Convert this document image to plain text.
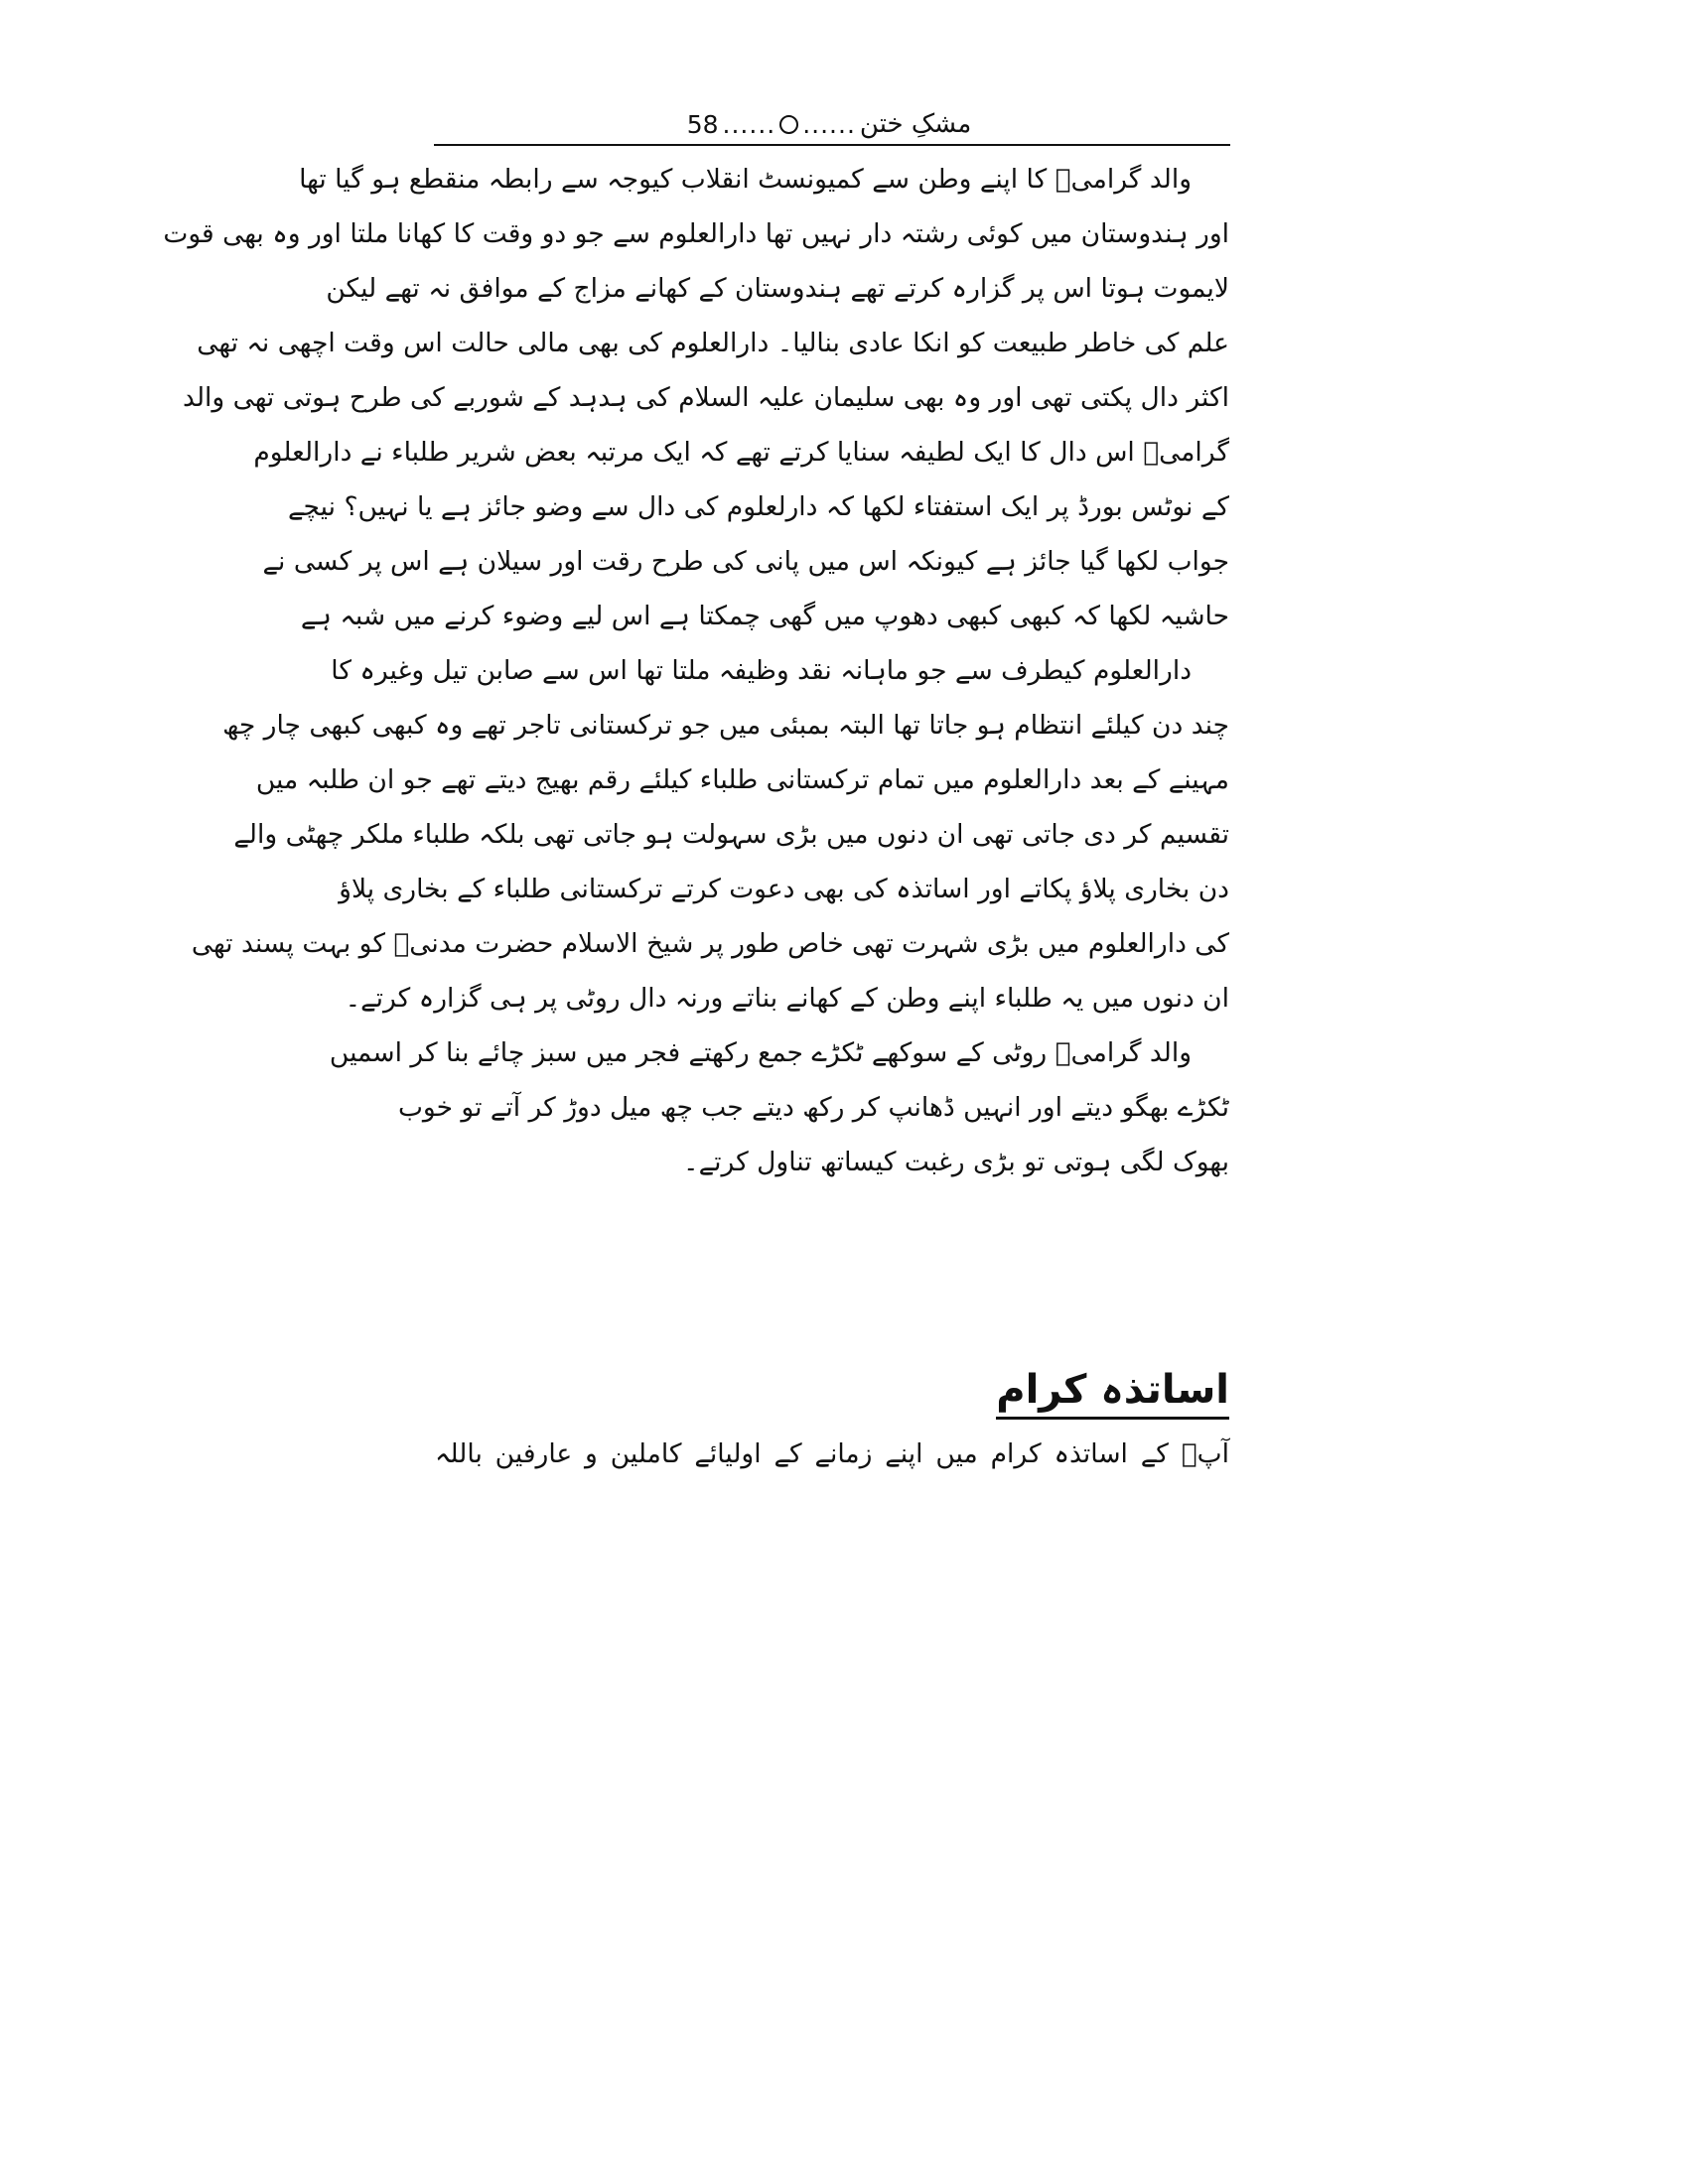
58 ...... ...... مشکِ ختن
والد گرامیؒ کا اپنے وطن سے کمیونسٹ انقلاب کیوجہ سے رابطہ منقطع ہو گیا تھا
اور ہندوستان میں کوئی رشتہ دار نہیں تھا دارالعلوم سے جو دو وقت کا کھانا ملتا اور وہ بھی قوت
لایموت ہوتا اس پر گزارہ کرتے تھے ہندوستان کے کھانے مزاج کے موافق نہ تھے لیکن
علم کی خاطر طبیعت کو انکا عادی بنالیا۔ دارالعلوم کی بھی مالی حالت اس وقت اچھی نہ تھی
اکثر دال پکتی تھی اور وہ بھی سلیمان علیہ السلام کی ہدہد کے شوربے کی طرح ہوتی تھی والد
گرامیؒ اس دال کا ایک لطیفہ سنایا کرتے تھے کہ ایک مرتبہ بعض شریر طلباء نے دارالعلوم
کے نوٹس بورڈ پر ایک استفتاء لکھا کہ دارلعلوم کی دال سے وضو جائز ہے یا نہیں؟ نیچے
جواب لکھا گیا جائز ہے کیونکہ اس میں پانی کی طرح رقت اور سیلان ہے اس پر کسی نے
حاشیہ لکھا کہ کبھی کبھی دھوپ میں گھی چمکتا ہے اس لیے وضوء کرنے میں شبہ ہے
دارالعلوم کیطرف سے جو ماہانہ نقد وظیفہ ملتا تھا اس سے صابن تیل وغیرہ کا
چند دن کیلئے انتظام ہو جاتا تھا البتہ بمبئی میں جو ترکستانی تاجر تھے وہ کبھی کبھی چار چھ
مہینے کے بعد دارالعلوم میں تمام ترکستانی طلباء کیلئے رقم بھیج دیتے تھے جو ان طلبہ میں
تقسیم کر دی جاتی تھی ان دنوں میں بڑی سہولت ہو جاتی تھی بلکہ طلباء ملکر چھٹی والے
دن بخاری پلاؤ پکاتے اور اساتذہ کی بھی دعوت کرتے ترکستانی طلباء کے بخاری پلاؤ
کی دارالعلوم میں بڑی شہرت تھی خاص طور پر شیخ الاسلام حضرت مدنیؒ کو بہت پسند تھی
ان دنوں میں یہ طلباء اپنے وطن کے کھانے بناتے ورنہ دال روٹی پر ہی گزارہ کرتے۔
والد گرامیؒ روٹی کے سوکھے ٹکڑے جمع رکھتے فجر میں سبز چائے بنا کر اسمیں
ٹکڑے بھگو دیتے اور انہیں ڈھانپ کر رکھ دیتے جب چھ میل دوڑ کر آتے تو خوب
بھوک لگی ہوتی تو بڑی رغبت کیساتھ تناول کرتے۔
اساتذہ کرام
آپؒ کے اساتذہ کرام میں اپنے زمانے کے اولیائے کاملین و عارفین باللہ
